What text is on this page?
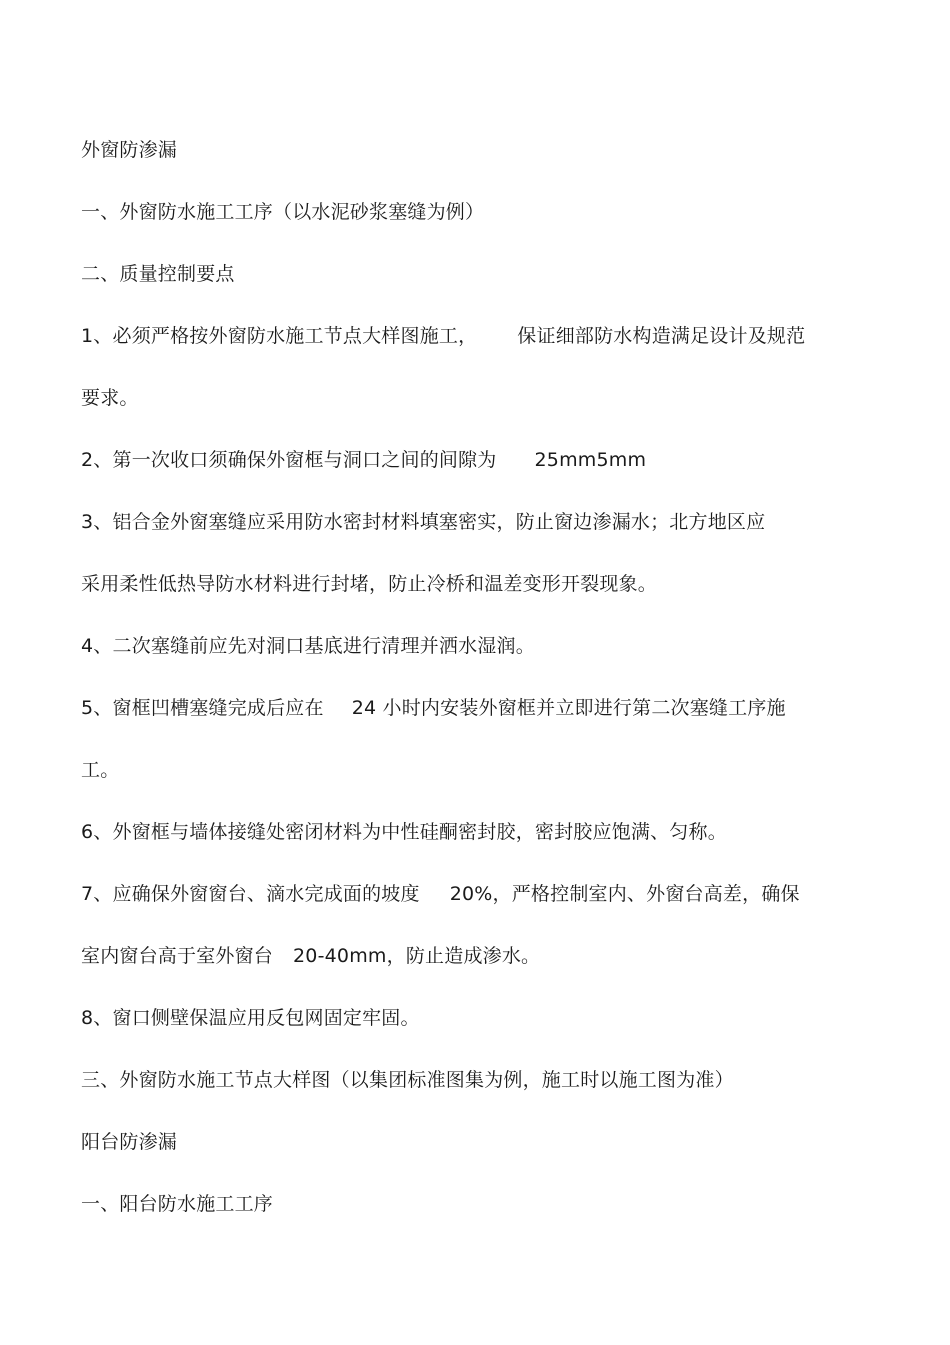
外窗防渗漏
一、外窗防水施工工序（以水泥砂浆塞缝为例）
二、质量控制要点
1、必须严格按外窗防水施工节点大样图施工， 保证细部防水构造满足设计及规范
要求。
2、第一次收口须确保外窗框与洞口之间的间隙为 25mm5mm
3、铝合金外窗塞缝应采用防水密封材料填塞密实，防止窗边渗漏水；北方地区应
采用柔性低热导防水材料进行封堵，防止冷桥和温差变形开裂现象。
4、二次塞缝前应先对洞口基底进行清理并洒水湿润。
5、窗框凹槽塞缝完成后应在 24 小时内安装外窗框并立即进行第二次塞缝工序施
工。
6、外窗框与墙体接缝处密闭材料为中性硅酮密封胶，密封胶应饱满、匀称。
7、应确保外窗窗台、滴水完成面的坡度 20%，严格控制室内、外窗台高差，确保
室内窗台高于室外窗台 20-40mm，防止造成渗水。
8、窗口侧壁保温应用反包网固定牢固。
三、外窗防水施工节点大样图（以集团标准图集为例，施工时以施工图为准）
阳台防渗漏
一、阳台防水施工工序
